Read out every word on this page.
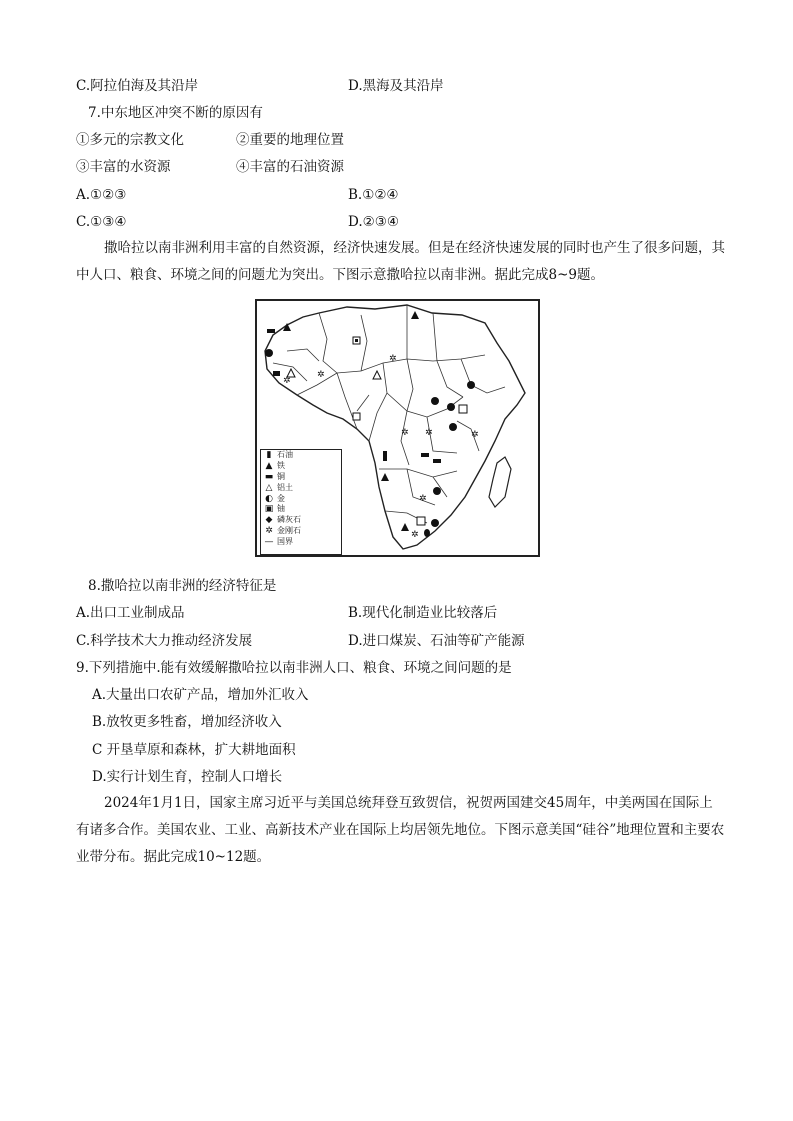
C.阿拉伯海及其沿岸	D.黑海及其沿岸
7.中东地区冲突不断的原因有
①多元的宗教文化	②重要的地理位置
③丰富的水资源	④丰富的石油资源
A.①②③	B.①②④
C.①③④	D.②③④
撒哈拉以南非洲利用丰富的自然资源，经济快速发展。但是在经济快速发展的同时也产生了很多问题，其中人口、粮食、环境之间的问题尤为突出。下图示意撒哈拉以南非洲。据此完成8~9题。
✲
✲
✲
✲ ✲	✲
✲
✲
▮ 石油
▲ 铁
▬ 铜
△ 铝土
◐ 金
▣ 铀
◆ 磷灰石
✲ 金刚石
— 国界
8.撒哈拉以南非洲的经济特征是
A.出口工业制成品	B.现代化制造业比较落后
C.科学技术大力推动经济发展	D.进口煤炭、石油等矿产能源
9.下列措施中.能有效缓解撒哈拉以南非洲人口、粮食、环境之间问题的是
A.大量出口农矿产品，增加外汇收入
B.放牧更多牲畜，增加经济收入
C 开垦草原和森林，扩大耕地面积
D.实行计划生育，控制人口增长
2024年1月1日，国家主席习近平与美国总统拜登互致贺信，祝贺两国建交45周年，中美两国在国际上有诸多合作。美国农业、工业、高新技术产业在国际上均居领先地位。下图示意美国“硅谷”地理位置和主要农业带分布。据此完成10~12题。
